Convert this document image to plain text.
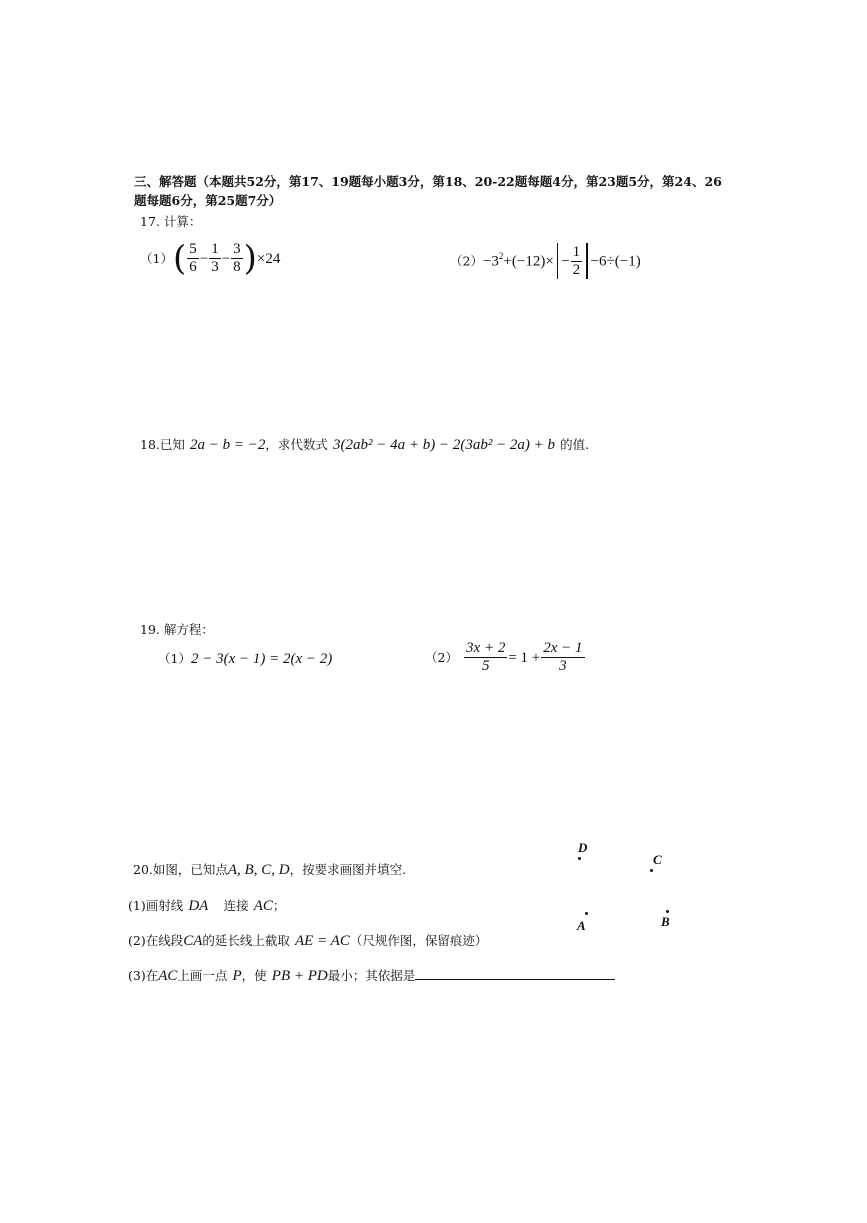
三、解答题（本题共52分，第17、19题每小题3分，第18、20-22题每题4分，第23题5分，第24、26题每题6分，第25题7分）
17. 计算：
$(1)( \frac{5}{6} - \frac{1}{3} - \frac{3}{8} )\times 24$	$(2)-3^2+(-12)\times - \frac{1}{2} -6\div(-1)$
18.已知 2a − b = −2，求代数式 3(2ab² − 4a + b) − 2(3ab² − 2a) + b 的值.
19. 解方程：
（1）2 − 3(x − 1) = 2(x − 2)	$(2) \frac{3x + 2}{5} = 1 + \frac{2x - 1}{3}$
20.如图，已知点A, B, C, D，按要求画图并填空.
(1)画射线 DA 连接 AC；
(2)在线段CA的延长线上截取 AE = AC（尺规作图，保留痕迹）
(3)在AC上画一点 P，使 PB + PD最小；其依据是
D
C
A	B
